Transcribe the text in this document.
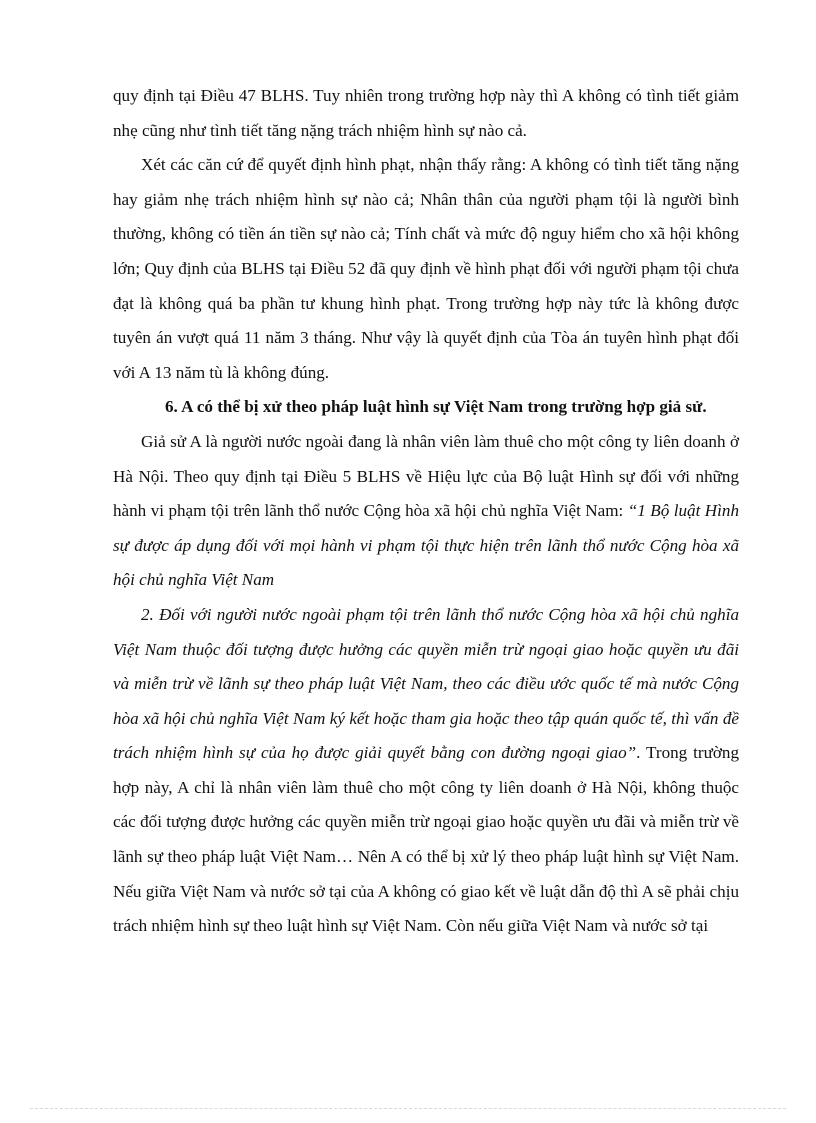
quy định tại Điều 47 BLHS. Tuy nhiên trong trường hợp này thì A không có tình tiết giảm nhẹ cũng như tình tiết tăng nặng trách nhiệm hình sự nào cả.

Xét các căn cứ để quyết định hình phạt, nhận thấy rằng: A không có tình tiết tăng nặng hay giảm nhẹ trách nhiệm hình sự nào cả; Nhân thân của người phạm tội là người bình thường, không có tiền án tiền sự nào cả; Tính chất và mức độ nguy hiểm cho xã hội không lớn; Quy định của BLHS tại Điều 52 đã quy định về hình phạt đối với người phạm tội chưa đạt là không quá ba phần tư khung hình phạt. Trong trường hợp này tức là không được tuyên án vượt quá 11 năm 3 tháng. Như vậy là quyết định của Tòa án tuyên hình phạt đối với A 13 năm tù là không đúng.

6. A có thể bị xử theo pháp luật hình sự Việt Nam trong trường hợp giả sử.

Giả sử A là người nước ngoài đang là nhân viên làm thuê cho một công ty liên doanh ở Hà Nội. Theo quy định tại Điều 5 BLHS về Hiệu lực của Bộ luật Hình sự đối với những hành vi phạm tội trên lãnh thổ nước Cộng hòa xã hội chủ nghĩa Việt Nam: “1 Bộ luật Hình sự được áp dụng đối với mọi hành vi phạm tội thực hiện trên lãnh thổ nước Cộng hòa xã hội chủ nghĩa Việt Nam

2. Đối với người nước ngoài phạm tội trên lãnh thổ nước Cộng hòa xã hội chủ nghĩa Việt Nam thuộc đối tượng được hưởng các quyền miễn trừ ngoại giao hoặc quyền ưu đãi và miễn trừ về lãnh sự theo pháp luật Việt Nam, theo các điều ước quốc tế mà nước Cộng hòa xã hội chủ nghĩa Việt Nam ký kết hoặc tham gia hoặc theo tập quán quốc tế, thì vấn đề trách nhiệm hình sự của họ được giải quyết bằng con đường ngoại giao”. Trong trường hợp này, A chỉ là nhân viên làm thuê cho một công ty liên doanh ở Hà Nội, không thuộc các đối tượng được hưởng các quyền miễn trừ ngoại giao hoặc quyền ưu đãi và miễn trừ về lãnh sự theo pháp luật Việt Nam… Nên A có thể bị xử lý theo pháp luật hình sự Việt Nam. Nếu giữa Việt Nam và nước sở tại của A không có giao kết về luật dẫn độ thì A sẽ phải chịu trách nhiệm hình sự theo luật hình sự Việt Nam. Còn nếu giữa Việt Nam và nước sở tại
